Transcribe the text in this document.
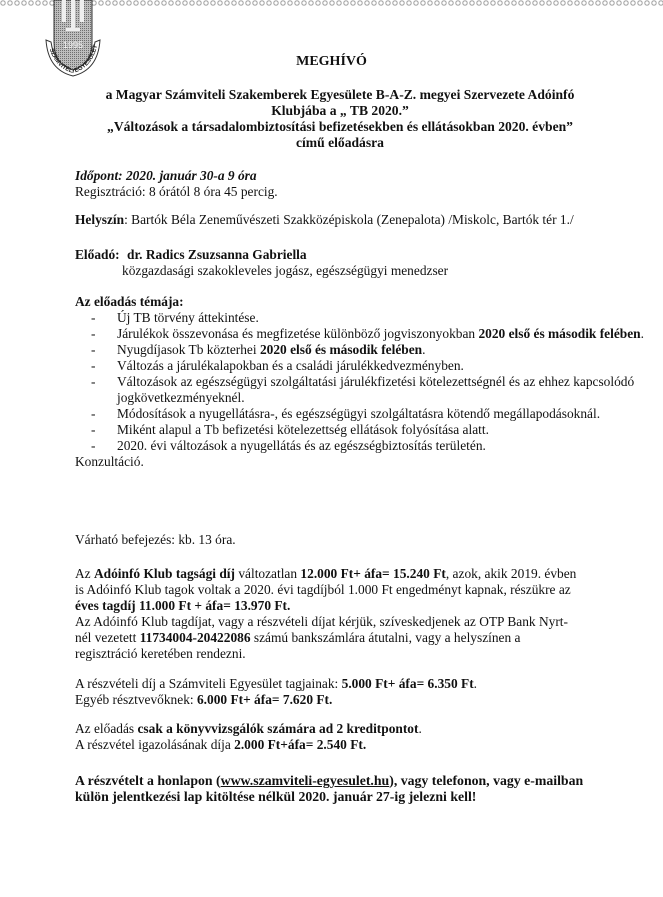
1995
SZÁMVITELI EGYESÜLET
MEGHÍVÓ
a Magyar Számviteli Szakemberek Egyesülete B-A-Z. megyei Szervezete Adóinfó
Klubjába a „ TB 2020.”
„Változások a társadalombiztosítási befizetésekben és ellátásokban 2020. évben”
című előadásra
Időpont: 2020. január 30-a 9 óra
Regisztráció: 8 órától 8 óra 45 percig.
Helyszín: Bartók Béla Zeneművészeti Szakközépiskola (Zenepalota) /Miskolc, Bartók tér 1./
Előadó: dr. Radics Zsuzsanna Gabriella
közgazdasági szakokleveles jogász, egészségügyi menedzser
Az előadás témája:
- Új TB törvény áttekintése.
- Járulékok összevonása és megfizetése különböző jogviszonyokban 2020 első és második felében.
- Nyugdíjasok Tb közterhei 2020 első és második felében.
- Változás a járulékalapokban és a családi járulékkedvezményben.
- Változások az egészségügyi szolgáltatási járulékfizetési kötelezettségnél és az ehhez kapcsolódó jogkövetkezményeknél.
- Módosítások a nyugellátásra-, és egészségügyi szolgáltatásra kötendő megállapodásoknál.
- Miként alapul a Tb befizetési kötelezettség ellátások folyósítása alatt.
- 2020. évi változások a nyugellátás és az egészségbiztosítás területén.
Konzultáció.
Várható befejezés: kb. 13 óra.
Az Adóinfó Klub tagsági díj változatlan 12.000 Ft+ áfa= 15.240 Ft, azok, akik 2019. évben
is Adóinfó Klub tagok voltak a 2020. évi tagdíjból 1.000 Ft engedményt kapnak, részükre az
éves tagdíj 11.000 Ft + áfa= 13.970 Ft.
Az Adóinfó Klub tagdíjat, vagy a részvételi díjat kérjük, szíveskedjenek az OTP Bank Nyrt-
nél vezetett 11734004-20422086 számú bankszámlára átutalni, vagy a helyszínen a
regisztráció keretében rendezni.
A részvételi díj a Számviteli Egyesület tagjainak: 5.000 Ft+ áfa= 6.350 Ft.
Egyéb résztvevőknek: 6.000 Ft+ áfa= 7.620 Ft.
Az előadás csak a könyvvizsgálók számára ad 2 kreditpontot.
A részvétel igazolásának díja 2.000 Ft+áfa= 2.540 Ft.
A részvételt a honlapon (www.szamviteli-egyesulet.hu), vagy telefonon, vagy e-mailban
külön jelentkezési lap kitöltése nélkül 2020. január 27-ig jelezni kell!
